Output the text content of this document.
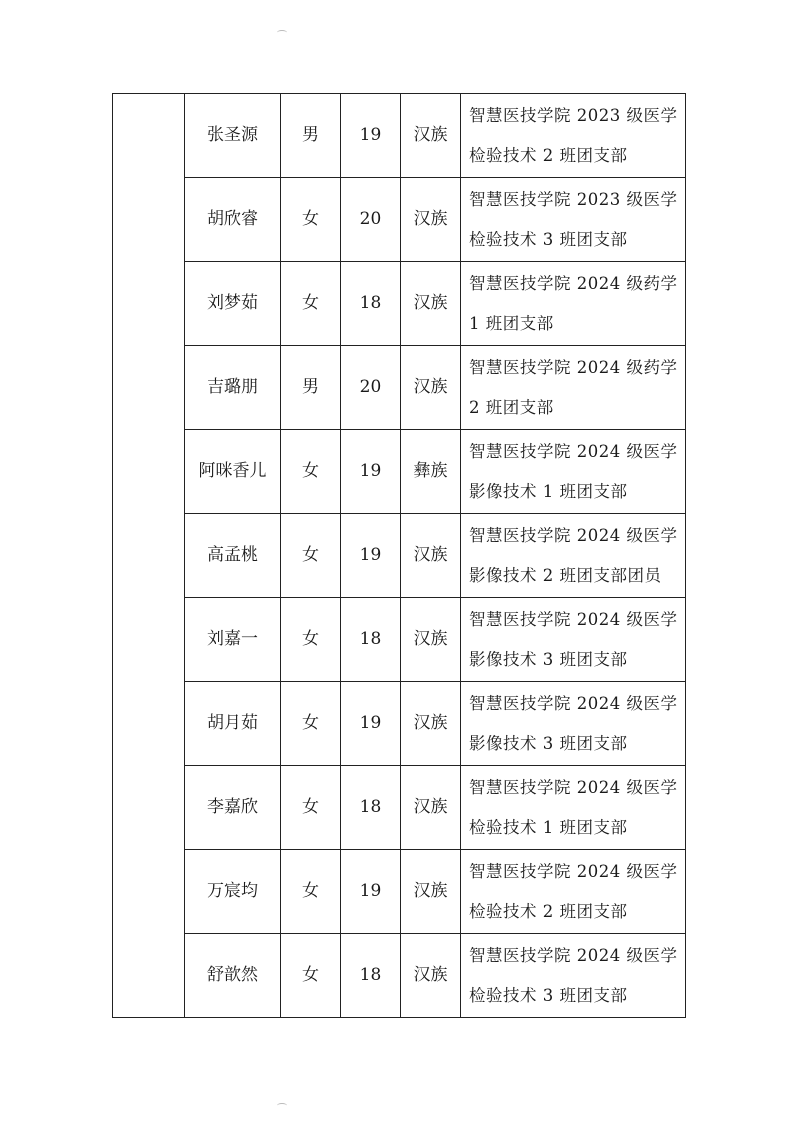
	张圣源	男	19	汉族	智慧医技学院 2023 级医学
检验技术 2 班团支部
	胡欣睿	女	20	汉族	智慧医技学院 2023 级医学
检验技术 3 班团支部
	刘梦茹	女	18	汉族	智慧医技学院 2024 级药学
1 班团支部
	吉璐朋	男	20	汉族	智慧医技学院 2024 级药学
2 班团支部
	阿咪香儿	女	19	彝族	智慧医技学院 2024 级医学
影像技术 1 班团支部
	高孟桃	女	19	汉族	智慧医技学院 2024 级医学
影像技术 2 班团支部团员
	刘嘉一	女	18	汉族	智慧医技学院 2024 级医学
影像技术 3 班团支部
	胡月茹	女	19	汉族	智慧医技学院 2024 级医学
影像技术 3 班团支部
	李嘉欣	女	18	汉族	智慧医技学院 2024 级医学
检验技术 1 班团支部
	万宸均	女	19	汉族	智慧医技学院 2024 级医学
检验技术 2 班团支部
	舒歆然	女	18	汉族	智慧医技学院 2024 级医学
检验技术 3 班团支部
